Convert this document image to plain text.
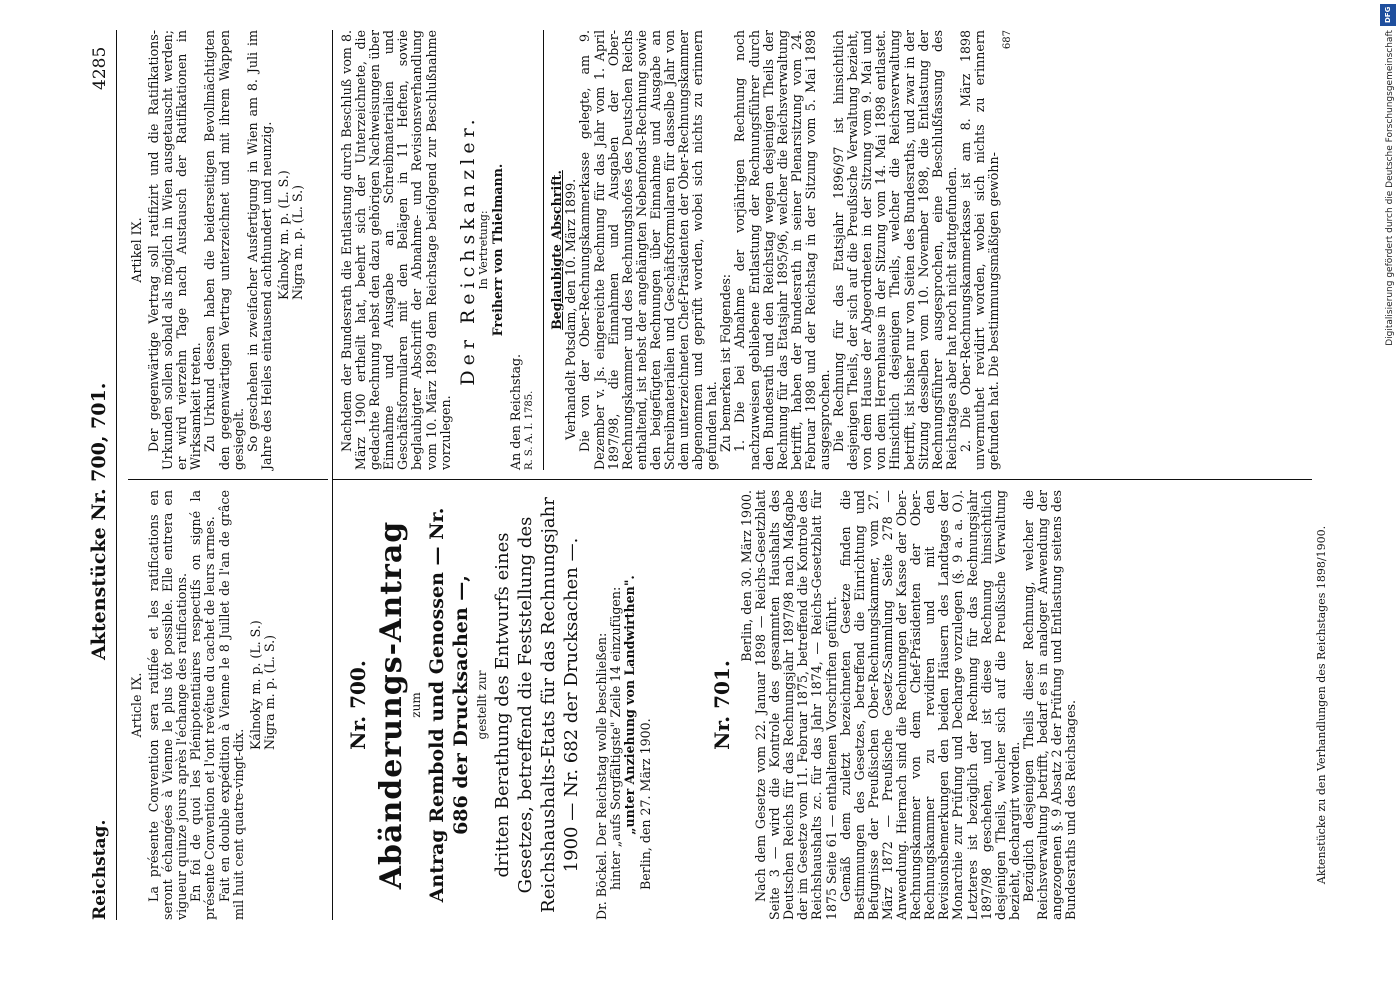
Reichstag.
Aktenstücke Nr. 700, 701.
4285

Article IX. La présente Convention sera ratifiée et les ratifications en seront échangées à Vienne le plus tôt possible. Elle entrera en vigueur quinze jours après l'échange des ratifications. En foi de quoi les Plénipotentiaires respectifs on signé la présente Convention et l'ont revêtue du cachet de leurs armes. Fait en double expédition à Vienne le 8 Juillet de l'an de grâce mil huit cent quatre-vingt-dix.

Kálnoky m. p. (L. S.) Nigra m. p. (L. S.)

Artikel IX. Der gegenwärtige Vertrag soll ratifizirt und die Ratifikations-Urkunden sollen sobald als möglich in Wien ausgetauscht werden; er wird vierzehn Tage nach Austausch der Ratifikationen in Wirksamkeit treten. Zu Urkund dessen haben die beiderseitigen Bevollmächtigten den gegenwärtigen Vertrag unterzeichnet und mit ihrem Wappen gesiegelt. So geschehen in zweifacher Ausfertigung in Wien am 8. Juli im Jahre des Heiles eintausend achthundert und neunzig. Kálnoky m. p. (L. S.) Nigra m. p. (L. S.)

Nr. 700. Abänderungs-Antrag zum Antrag Rembold und Genossen — Nr. 686 der Drucksachen —, gestellt zur dritten Berathung des Entwurfs eines Gesetzes, betreffend die Feststellung des Reichshaushalts-Etats für das Rechnungsjahr 1900 — Nr. 682 der Drucksachen —. Dr. Böckel. Der Reichstag wolle beschließen: hinter „aufs Sorgfältigste" Zeile 14 einzufügen: „unter Anziehung von Landwirthen". Berlin, den 27. März 1900.

Nr. 701.

Berlin, den 30. März 1900. Nach dem Gesetze vom 22. Januar 1898 — Reichs-Gesetzblatt Seite 3 — wird die Kontrole des gesammten Haushalts des Deutschen Reichs für das Rechnungsjahr 1897/98 nach Maßgabe der im Gesetze vom 11. Februar 1875, betreffend die Kontrole des Reichshaushalts zc. für das Jahr 1874, — Reichs-Gesetzblatt für 1875 Seite 61 — enthaltenen Vorschriften geführt. Gemäß dem zuletzt bezeichneten Gesetze finden die Bestimmungen des Gesetzes, betreffend die Einrichtung und Befugnisse der Preußischen Ober-Rechnungskammer, vom 27. März 1872 — Preußische Gesetz-Sammlung Seite 278 — Anwendung. Hiernach sind die Rechnungen der Kasse der Ober-Rechnungskammer von dem Chef-Präsidenten der Ober-Rechnungskammer zu revidiren und mit den Revisionsbemerkungen den beiden Häusern des Landtages der Monarchie zur Prüfung und Decharge vorzulegen (§. 9 a. a. O.). Letzteres ist bezüglich der Rechnung für das Rechnungsjahr 1897/98 geschehen, und ist diese Rechnung hinsichtlich desjenigen Theils, welcher sich auf die Preußische Verwaltung bezieht, dechargirt worden. Bezüglich desjenigen Theils dieser Rechnung, welcher die Reichsverwaltung betrifft, bedarf es in analoger Anwendung der angezogenen §. 9 Absatz 2 der Prüfung und Entlastung seitens des Bundesraths und des Reichstages.

Nachdem der Bundesrath die Entlastung durch Beschluß vom 8. März 1900 ertheilt hat, beehrt sich der Unterzeichnete, die gedachte Rechnung nebst den dazu gehörigen Nachweisungen über Einnahme und Ausgabe an Schreibmaterialien und Geschäftsformularen mit den Belägen in 11 Heften, sowie beglaubigter Abschrift der Abnahme- und Revisionsverhandlung vom 10. März 1899 dem Reichstage beifolgend zur Beschlußnahme vorzulegen.

Der Reichskanzler.

In Vertretung: Freiherr von Thielmann.

An den Reichstag. R. S. A. I. 1785.

Beglaubigte Abschrift. Verhandelt Potsdam, den 10. März 1899. Die von der Ober-Rechnungskammerkasse gelegte, am 9. Dezember v. Js. eingereichte Rechnung für das Jahr vom 1. April 1897/98, die Einnahmen und Ausgaben der Ober-Rechnungskammer und des Rechnungshofes des Deutschen Reichs enthaltend, ist nebst der angehängten Nebenfonds-Rechnung sowie den beigefügten Rechnungen über Einnahme und Ausgabe an Schreibmaterialien und Geschäftsformularen für dasselbe Jahr von dem unterzeichneten Chef-Präsidenten der Ober-Rechnungskammer abgenommen und geprüft worden, wobei sich nichts zu erinnern gefunden hat. Zu bemerken ist Folgendes: 1. Die bei Abnahme der vorjährigen Rechnung noch nachzuweisen gebliebene Entlastung der Rechnungsführer durch den Bundesrath und den Reichstag wegen desjenigen Theils der Rechnung für das Etatsjahr 1895/96, welcher die Reichsverwaltung betrifft, haben der Bundesrath in seiner Plenarsitzung vom 24. Februar 1898 und der Reichstag in der Sitzung vom 5. Mai 1898 ausgesprochen. Die Rechnung für das Etatsjahr 1896/97 ist hinsichtlich desjenigen Theils, der sich auf die Preußische Verwaltung bezieht, von dem Hause der Abgeordneten in der Sitzung vom 9. Mai und von dem Herrenhause in der Sitzung vom 14. Mai 1898 entlastet. Hinsichtlich desjenigen Theils, welcher die Reichsverwaltung betrifft, ist bisher nur von Seiten des Bundesraths, und zwar in der Sitzung desselben vom 10. November 1898, die Entlastung der Rechnungsführer ausgesprochen, eine Beschlußfassung des Reichstages aber hat noch nicht stattgefunden. 2. Die Ober-Rechnungskammerkasse ist am 8. März 1898 unvermuthet revidirt worden, wobei sich nichts zu erinnern gefunden hat. Die bestimmungsmäßigen gewöhn-

687

Aktenstücke zu den Verhandlungen des Reichstages 1898/1900.
DFG
Digitalisierung gefördert durch die Deutsche Forschungsgemeinschaft
